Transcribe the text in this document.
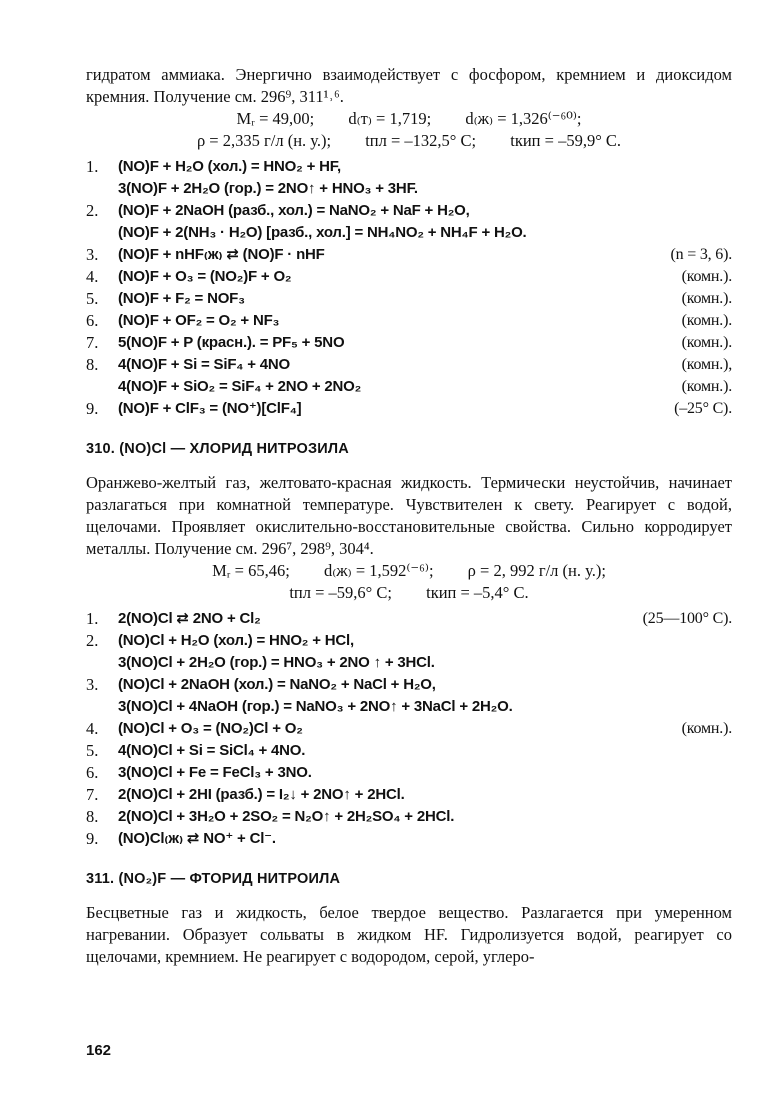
гидратом аммиака. Энергично взаимодействует с фосфором, кремнием и диоксидом кремния. Получение см. 296⁹, 311¹˒⁶.

Mᵣ = 49,00; d₍т₎ = 1,719; d₍ж₎ = 1,326⁽⁻⁶⁰⁾;

ρ = 2,335 г/л (н. у.); tпл = –132,5° C; tкип = –59,9° C.

1.	(NO)F + H₂O (хол.) = HNO₂ + HF,
3(NO)F + 2H₂O (гор.) = 2NO↑ + HNO₃ + 3HF.
2.	(NO)F + 2NaOH (разб., хол.) = NaNO₂ + NaF + H₂O,
(NO)F + 2(NH₃ · H₂O) [разб., хол.] = NH₄NO₂ + NH₄F + H₂O.
3.	(NO)F + nHF₍ж₎ ⇄ (NO)F · nHF	(n = 3, 6).
4.	(NO)F + O₃ = (NO₂)F + O₂	(комн.).
5.	(NO)F + F₂ = NOF₃	(комн.).
6.	(NO)F + OF₂ = O₂ + NF₃	(комн.).
7.	5(NO)F + P (красн.). = PF₅ + 5NO	(комн.).
8.	4(NO)F + Si = SiF₄ + 4NO	(комн.),
4(NO)F + SiO₂ = SiF₄ + 2NO + 2NO₂	(комн.).
9.	(NO)F + ClF₃ = (NO⁺)[ClF₄]	(–25° C).
310. (NO)Cl — ХЛОРИД НИТРОЗИЛА

Оранжево-желтый газ, желтовато-красная жидкость. Термически неустойчив, начинает разлагаться при комнатной температуре. Чувствителен к свету. Реагирует с водой, щелочами. Проявляет окислительно-восстановительные свойства. Сильно корродирует металлы. Получение см. 296⁷, 298⁹, 304⁴.

Mᵣ = 65,46; d₍ж₎ = 1,592⁽⁻⁶⁾; ρ = 2, 992 г/л (н. у.);

tпл = –59,6° C; tкип = –5,4° C.

1.	2(NO)Cl ⇄ 2NO + Cl₂	(25—100° C).
2.	(NO)Cl + H₂O (хол.) = HNO₂ + HCl,
3(NO)Cl + 2H₂O (гор.) = HNO₃ + 2NO ↑ + 3HCl.
3.	(NO)Cl + 2NaOH (хол.) = NaNO₂ + NaCl + H₂O,
3(NO)Cl + 4NaOH (гор.) = NaNO₃ + 2NO↑ + 3NaCl + 2H₂O.
4.	(NO)Cl + O₃ = (NO₂)Cl + O₂	(комн.).
5.	4(NO)Cl + Si = SiCl₄ + 4NO.
6.	3(NO)Cl + Fe = FeCl₃ + 3NO.
7.	2(NO)Cl + 2HI (разб.) = I₂↓ + 2NO↑ + 2HCl.
8.	2(NO)Cl + 3H₂O + 2SO₂ = N₂O↑ + 2H₂SO₄ + 2HCl.
9.	(NO)Cl₍ж₎ ⇄ NO⁺ + Cl⁻.
311. (NO₂)F — ФТОРИД НИТРОИЛА

Бесцветные газ и жидкость, белое твердое вещество. Разлагается при умеренном нагревании. Образует сольваты в жидком HF. Гидролизуется водой, реагирует со щелочами, кремнием. Не реагирует с водородом, серой, углеро-

162
